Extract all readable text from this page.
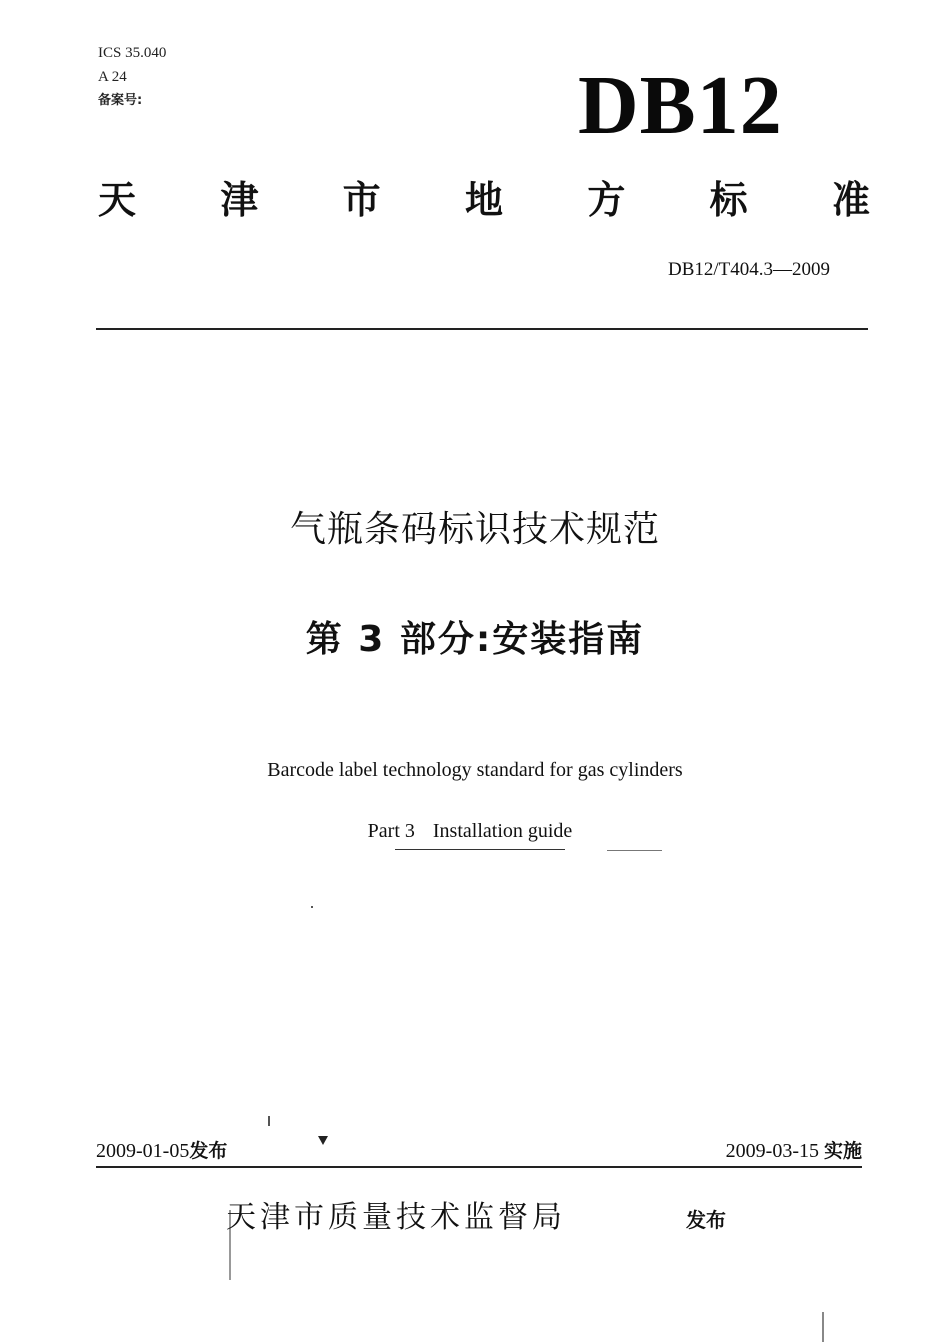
ICS 35.040
A 24
备案号:	DB12
天 津 市 地 方 标 准
DB12/T404.3—2009
气瓶条码标识技术规范
第 3 部分:安装指南
Barcode label technology standard for gas cylinders
Part 3 Installation guide
2009-01-05发布	2009-03-15 实施
天津市质量技术监督局	发布
